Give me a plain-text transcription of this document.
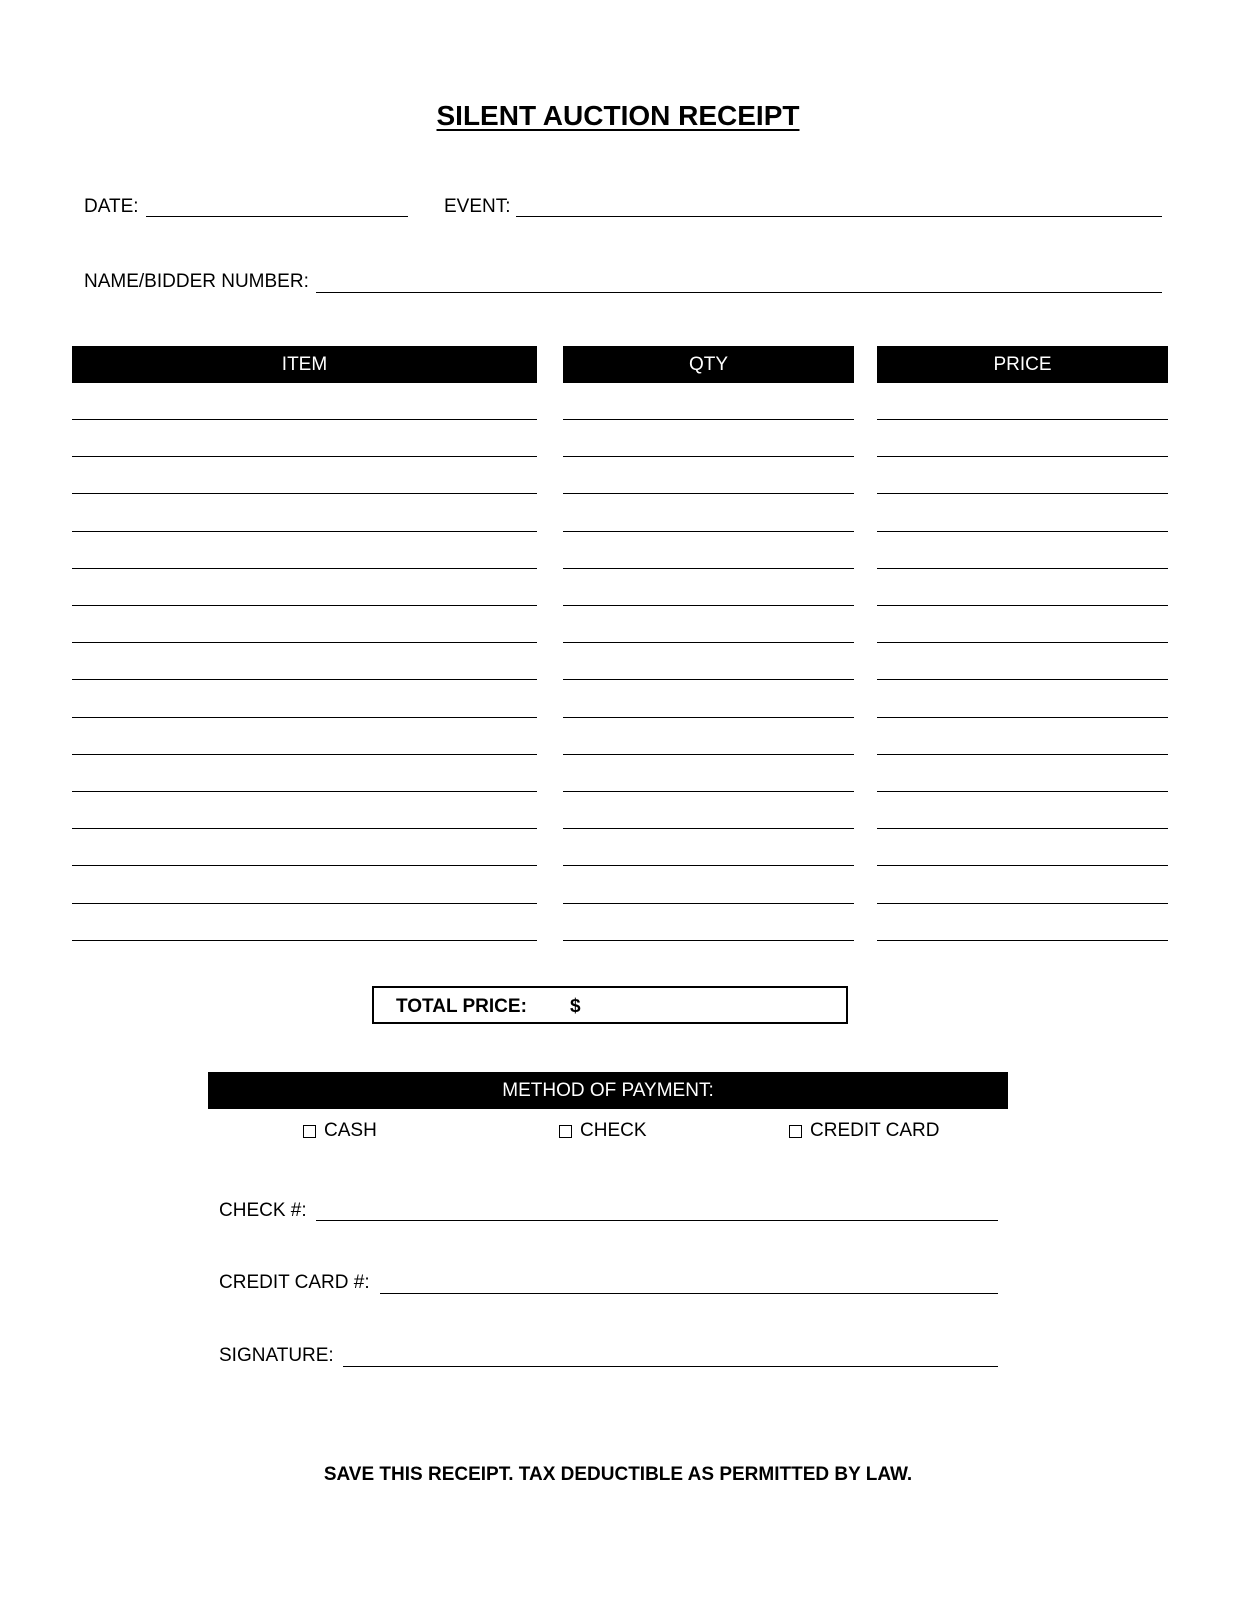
SILENT AUCTION RECEIPT
DATE:	EVENT:
NAME/BIDDER NUMBER:
ITEM	QTY	PRICE
TOTAL PRICE: $
METHOD OF PAYMENT:
CASH	CHECK	CREDIT CARD
CHECK #:
CREDIT CARD #:
SIGNATURE:
SAVE THIS RECEIPT. TAX DEDUCTIBLE AS PERMITTED BY LAW.
